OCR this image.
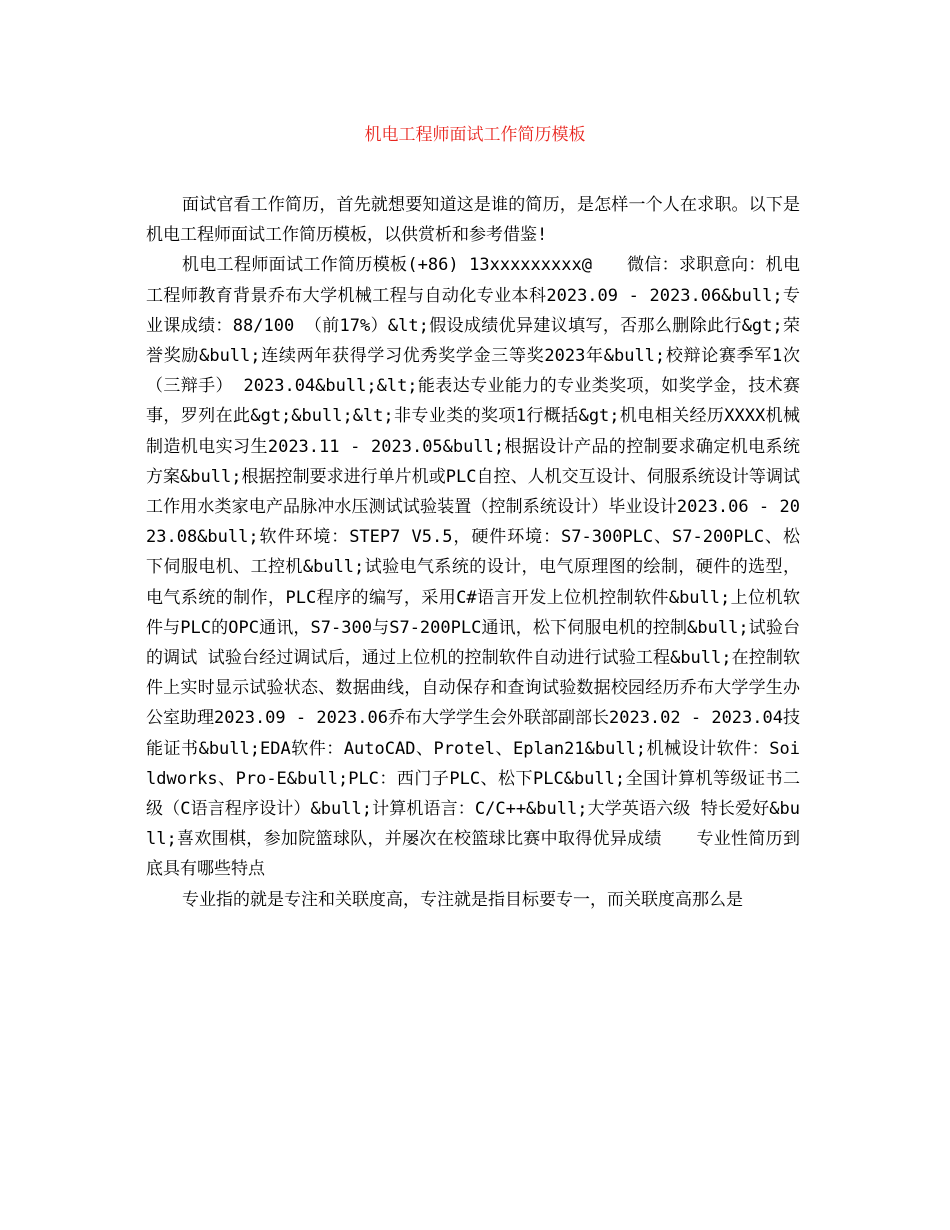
机电工程师面试工作简历模板

面试官看工作简历，首先就想要知道这是谁的简历，是怎样一个人在求职。以下是机电工程师面试工作简历模板，以供赏析和参考借鉴!

机电工程师面试工作简历模板(+86) 13xxxxxxxxx@　　微信：求职意向：机电工程师教育背景乔布大学机械工程与自动化专业本科2023.09 - 2023.06&bull;专业课成绩：88/100 （前17%）&lt;假设成绩优异建议填写，否那么删除此行&gt;荣誉奖励&bull;连续两年获得学习优秀奖学金三等奖2023年&bull;校辩论赛季军1次（三辩手） 2023.04&bull;&lt;能表达专业能力的专业类奖项，如奖学金，技术赛事，罗列在此&gt;&bull;&lt;非专业类的奖项1行概括&gt;机电相关经历XXXX机械制造机电实习生2023.11 - 2023.05&bull;根据设计产品的控制要求确定机电系统方案&bull;根据控制要求进行单片机或PLC自控、人机交互设计、伺服系统设计等调试工作用水类家电产品脉冲水压测试试验装置（控制系统设计）毕业设计2023.06 - 2023.08&bull;软件环境：STEP7 V5.5，硬件环境：S7-300PLC、S7-200PLC、松下伺服电机、工控机&bull;试验电气系统的设计，电气原理图的绘制，硬件的选型，电气系统的制作，PLC程序的编写，采用C#语言开发上位机控制软件&bull;上位机软件与PLC的OPC通讯，S7-300与S7-200PLC通讯，松下伺服电机的控制&bull;试验台的调试 试验台经过调试后，通过上位机的控制软件自动进行试验工程&bull;在控制软件上实时显示试验状态、数据曲线，自动保存和查询试验数据校园经历乔布大学学生办公室助理2023.09 - 2023.06乔布大学学生会外联部副部长2023.02 - 2023.04技能证书&bull;EDA软件：AutoCAD、Protel、Eplan21&bull;机械设计软件：Soildworks、Pro-E&bull;PLC：西门子PLC、松下PLC&bull;全国计算机等级证书二级（C语言程序设计）&bull;计算机语言：C/C++&bull;大学英语六级 特长爱好&bull;喜欢围棋，参加院篮球队，并屡次在校篮球比赛中取得优异成绩　　专业性简历到底具有哪些特点

专业指的就是专注和关联度高，专注就是指目标要专一，而关联度高那么是
